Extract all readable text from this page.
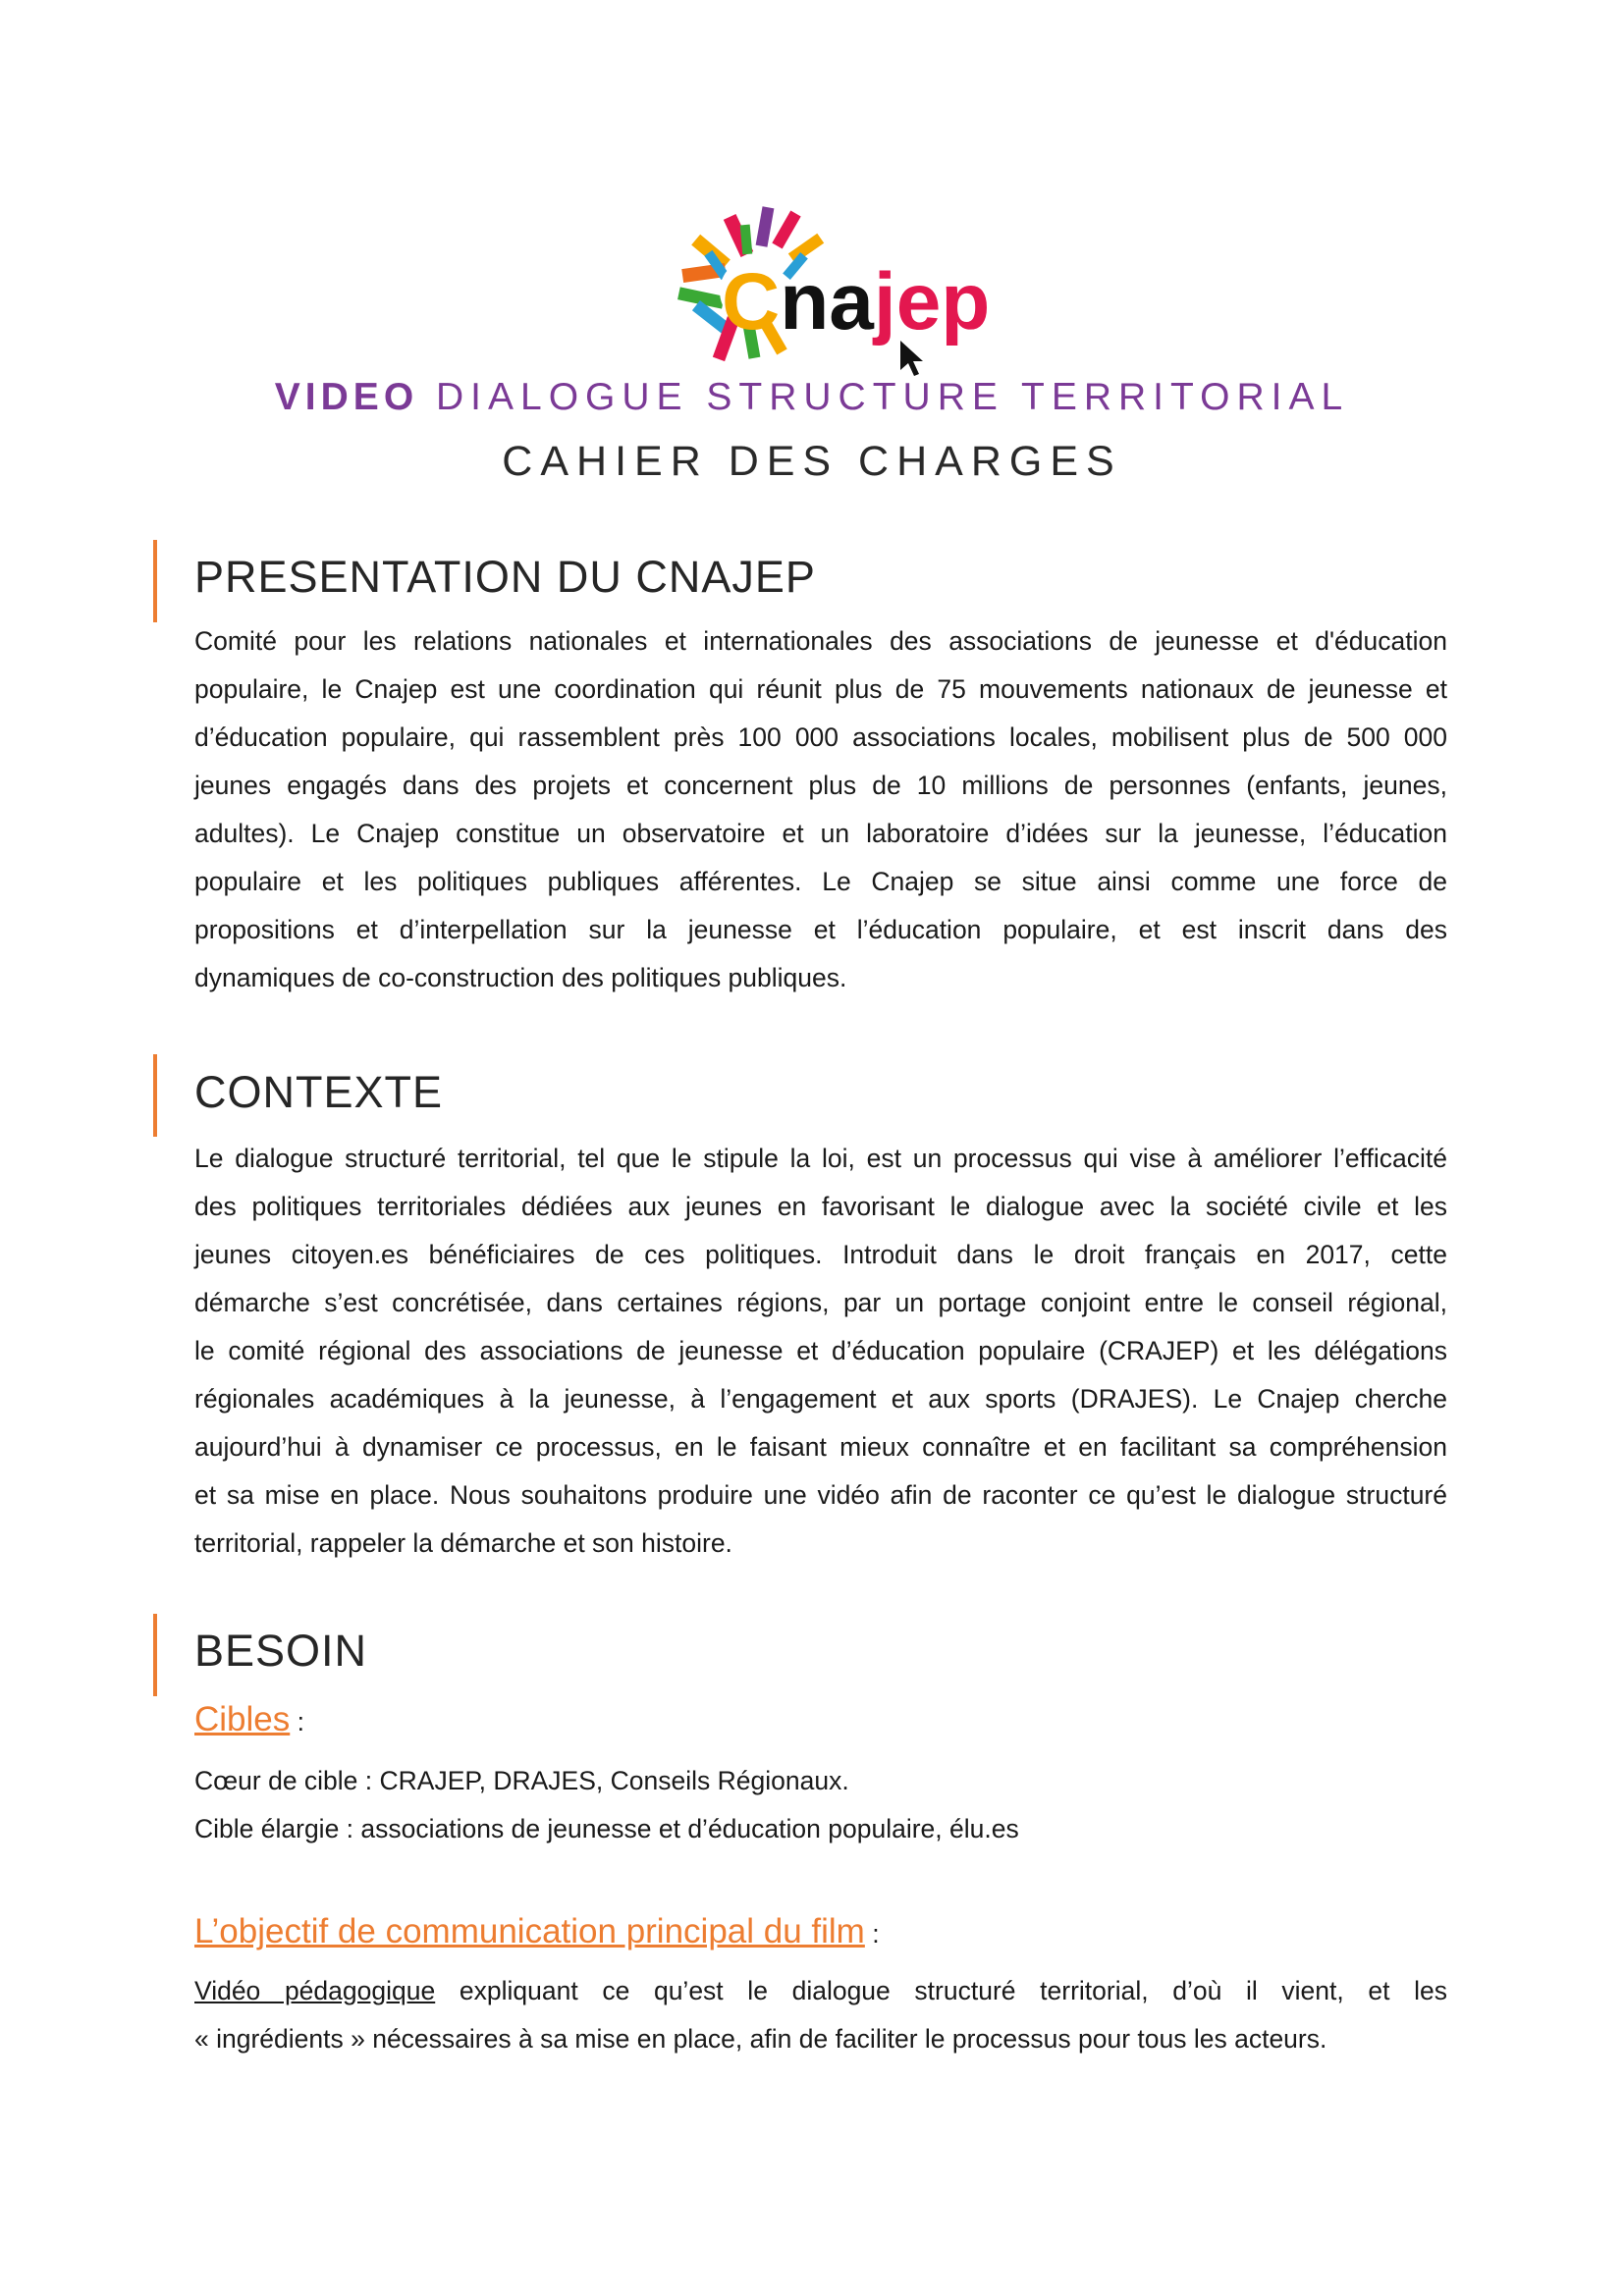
Cnajep
VIDEO DIALOGUE STRUCTURE TERRITORIAL
CAHIER DES CHARGES
PRESENTATION DU CNAJEP
Comité pour les relations nationales et internationales des associations de jeunesse et d'éducation
populaire, le Cnajep est une coordination qui réunit plus de 75 mouvements nationaux de jeunesse et
d’éducation populaire, qui rassemblent près 100 000 associations locales, mobilisent plus de 500 000
jeunes engagés dans des projets et concernent plus de 10 millions de personnes (enfants, jeunes,
adultes). Le Cnajep constitue un observatoire et un laboratoire d’idées sur la jeunesse, l’éducation
populaire et les politiques publiques afférentes. Le Cnajep se situe ainsi comme une force de
propositions et d’interpellation sur la jeunesse et l’éducation populaire, et est inscrit dans des
dynamiques de co-construction des politiques publiques.
CONTEXTE
Le dialogue structuré territorial, tel que le stipule la loi, est un processus qui vise à améliorer l’efficacité
des politiques territoriales dédiées aux jeunes en favorisant le dialogue avec la société civile et les
jeunes citoyen.es bénéficiaires de ces politiques. Introduit dans le droit français en 2017, cette
démarche s’est concrétisée, dans certaines régions, par un portage conjoint entre le conseil régional,
le comité régional des associations de jeunesse et d’éducation populaire (CRAJEP) et les délégations
régionales académiques à la jeunesse, à l’engagement et aux sports (DRAJES). Le Cnajep cherche
aujourd’hui à dynamiser ce processus, en le faisant mieux connaître et en facilitant sa compréhension
et sa mise en place. Nous souhaitons produire une vidéo afin de raconter ce qu’est le dialogue structuré
territorial, rappeler la démarche et son histoire.
BESOIN
Cibles :
Cœur de cible : CRAJEP, DRAJES, Conseils Régionaux.
Cible élargie : associations de jeunesse et d’éducation populaire, élu.es
L’objectif de communication principal du film :
Vidéo pédagogique expliquant ce qu’est le dialogue structuré territorial, d’où il vient, et les
« ingrédients » nécessaires à sa mise en place, afin de faciliter le processus pour tous les acteurs.
